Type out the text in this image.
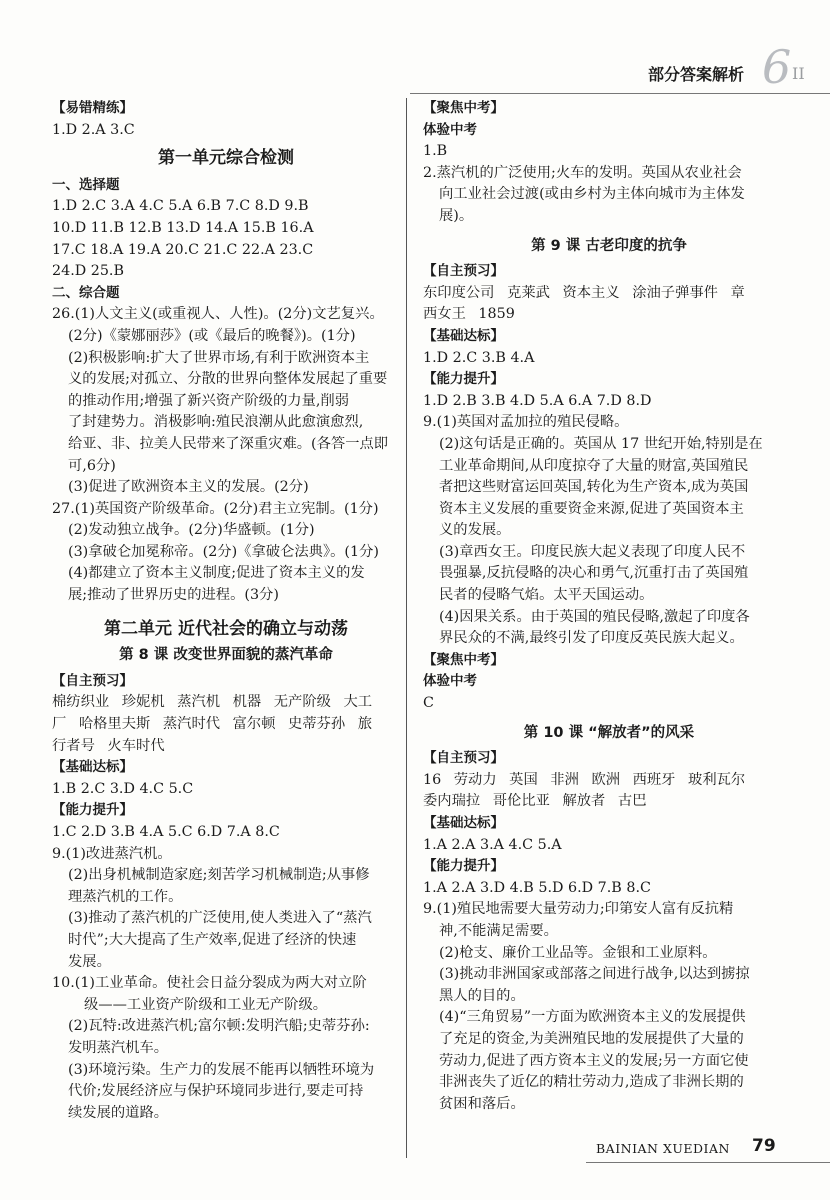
部分答案解析 6 II
【易错精练】
1.D 2.A 3.C
第一单元综合检测
一、选择题
1.D 2.C 3.A 4.C 5.A 6.B 7.C 8.D 9.B
10.D 11.B 12.B 13.D 14.A 15.B 16.A
17.C 18.A 19.A 20.C 21.C 22.A 23.C
24.D 25.B
二、综合题
26.(1)人文主义(或重视人、人性)。(2分)文艺复兴。
(2分)《蒙娜丽莎》(或《最后的晚餐》)。(1分)
(2)积极影响:扩大了世界市场,有利于欧洲资本主
义的发展;对孤立、分散的世界向整体发展起了重要
的推动作用;增强了新兴资产阶级的力量,削弱
了封建势力。消极影响:殖民浪潮从此愈演愈烈,
给亚、非、拉美人民带来了深重灾难。(各答一点即
可,6分)
(3)促进了欧洲资本主义的发展。(2分)
27.(1)英国资产阶级革命。(2分)君主立宪制。(1分)
(2)发动独立战争。(2分)华盛顿。(1分)
(3)拿破仑加冕称帝。(2分)《拿破仑法典》。(1分)
(4)都建立了资本主义制度;促进了资本主义的发
展;推动了世界历史的进程。(3分)
第二单元 近代社会的确立与动荡
第 8 课 改变世界面貌的蒸汽革命
【自主预习】
棉纺织业 珍妮机 蒸汽机 机器 无产阶级 大工
厂 哈格里夫斯 蒸汽时代 富尔顿 史蒂芬孙 旅
行者号 火车时代
【基础达标】
1.B 2.C 3.D 4.C 5.C
【能力提升】
1.C 2.D 3.B 4.A 5.C 6.D 7.A 8.C
9.(1)改进蒸汽机。
(2)出身机械制造家庭;刻苦学习机械制造;从事修
理蒸汽机的工作。
(3)推动了蒸汽机的广泛使用,使人类进入了“蒸汽
时代”;大大提高了生产效率,促进了经济的快速
发展。
10.(1)工业革命。使社会日益分裂成为两大对立阶
级——工业资产阶级和工业无产阶级。
(2)瓦特:改进蒸汽机;富尔顿:发明汽船;史蒂芬孙:
发明蒸汽机车。
(3)环境污染。生产力的发展不能再以牺牲环境为
代价;发展经济应与保护环境同步进行,要走可持
续发展的道路。
【聚焦中考】
体验中考
1.B
2.蒸汽机的广泛使用;火车的发明。英国从农业社会
向工业社会过渡(或由乡村为主体向城市为主体发
展)。
第 9 课 古老印度的抗争
【自主预习】
东印度公司 克莱武 资本主义 涂油子弹事件 章
西女王 1859
【基础达标】
1.D 2.C 3.B 4.A
【能力提升】
1.D 2.B 3.B 4.D 5.A 6.A 7.D 8.D
9.(1)英国对孟加拉的殖民侵略。
(2)这句话是正确的。英国从 17 世纪开始,特别是在
工业革命期间,从印度掠夺了大量的财富,英国殖民
者把这些财富运回英国,转化为生产资本,成为英国
资本主义发展的重要资金来源,促进了英国资本主
义的发展。
(3)章西女王。印度民族大起义表现了印度人民不
畏强暴,反抗侵略的决心和勇气,沉重打击了英国殖
民者的侵略气焰。太平天国运动。
(4)因果关系。由于英国的殖民侵略,激起了印度各
界民众的不满,最终引发了印度反英民族大起义。
【聚焦中考】
体验中考
C
第 10 课 “解放者”的风采
【自主预习】
16 劳动力 英国 非洲 欧洲 西班牙 玻利瓦尔
委内瑞拉 哥伦比亚 解放者 古巴
【基础达标】
1.A 2.A 3.A 4.C 5.A
【能力提升】
1.A 2.A 3.D 4.B 5.D 6.D 7.B 8.C
9.(1)殖民地需要大量劳动力;印第安人富有反抗精
神,不能满足需要。
(2)枪支、廉价工业品等。金银和工业原料。
(3)挑动非洲国家或部落之间进行战争,以达到掳掠
黑人的目的。
(4)“三角贸易”一方面为欧洲资本主义的发展提供
了充足的资金,为美洲殖民地的发展提供了大量的
劳动力,促进了西方资本主义的发展;另一方面它使
非洲丧失了近亿的精壮劳动力,造成了非洲长期的
贫困和落后。
BAINIAN XUEDIAN 79
